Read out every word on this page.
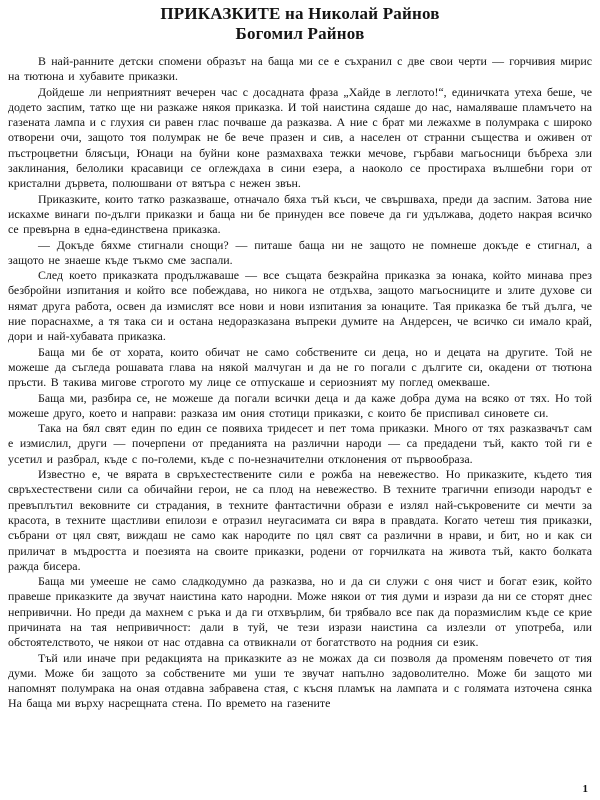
ПРИКАЗКИТЕ на Николай Райнов
Богомил Райнов

В най-ранните детски спомени образът на баща ми се е съхранил с две свои черти — горчивия мирис на тютюна и хубавите приказки.

Дойдеше ли неприятният вечерен час с досадната фраза „Хайде в леглото!“, единичката утеха беше, че додето заспим, татко ще ни разкаже някоя приказка. И той наистина сядаше до нас, намаляваше пламъчето на газената лампа и с глухия си равен глас почваше да разказва. А ние с брат ми лежахме в полумрака с широко отворени очи, защото тоя полумрак не бе вече празен и сив, а населен от странни същества и оживен от пъстроцветни блясъци, Юнаци на буйни коне размахваха тежки мечове, гърбави магьосници бъбреха зли заклинания, белолики красавици се оглеждаха в сини езера, а наоколо се простираха вълшебни гори от кристални дървета, полюшвани от вятъра с нежен звън.

Приказките, които татко разказваше, отначало бяха тъй къси, че свършваха, преди да заспим. Затова ние искахме винаги по-дълги приказки и баща ни бе принуден все повече да ги удължава, додето накрая всичко се превърна в една-единствена приказка.

— Докъде бяхме стигнали снощи? — питаше баща ни не защото не помнеше докъде е стигнал, а защото не знаеше къде тъкмо сме заспали.

След което приказката продължаваше — все същата безкрайна приказка за юнака, който минава през безбройни изпитания и който все побеждава, но никога не отдъхва, защото магьосниците и злите духове си нямат друга работа, освен да измислят все нови и нови изпитания за юнаците. Тая приказка бе тъй дълга, че ние пораснахме, а тя така си и остана недоразказана въпреки думите на Андерсен, че всичко си имало край, дори и най-хубавата приказка.

Баща ми бе от хората, които обичат не само собствените си деца, но и децата на другите. Той не можеше да съгледа рошавата глава на някой малчуган и да не го погали с дългите си, окадени от тютюна пръсти. В такива мигове строгото му лице се отпускаше и сериозният му поглед омекваше.

Баща ми, разбира се, не можеше да погали всички деца и да каже добра дума на всяко от тях. Но той можеше друго, което и направи: разказа им ония стотици приказки, с които бе приспивал синовете си.

Така на бял свят един по един се появиха тридесет и пет тома приказки. Много от тях разказвачът сам е измислил, други — почерпени от преданията на различни народи — са предадени тъй, както той ги е усетил и разбрал, къде с по-големи, къде с по-незначителни отклонения от първообраза.

Известно е, че вярата в свръхестествените сили е рожба на невежество. Но приказките, където тия свръхестествени сили са обичайни герои, не са плод на невежество. В техните трагични епизоди народът е превъплътил вековните си страдания, в техните фантастични образи е излял най-съкровените си мечти за красота, в техните щастливи епилози е отразил неугасимата си вяра в правдата. Когато четеш тия приказки, събрани от цял свят, виждаш не само как народите по цял свят са различни в нрави, и бит, но и как си приличат в мъдростта и поезията на своите приказки, родени от горчилката на живота тъй, както болката ражда бисера.

Баща ми умееше не само сладкодумно да разказва, но и да си служи с оня чист и богат език, който правеше приказките да звучат наистина като народни. Може някои от тия думи и изрази да ни се сторят днес непривични. Но преди да махнем с ръка и да ги отхвърлим, би трябвало все пак да поразмислим къде се крие причината на тая непривичност: дали в туй, че тези изрази наистина са излезли от употреба, или обстоятелството, че някои от нас отдавна са отвикнали от богатството на родния си език.

Тъй или иначе при редакцията на приказките аз не можах да си позволя да променям повечето от тия думи. Може би защото за собствените ми уши те звучат напълно задоволително. Може би защото ми напомнят полумрака на оная отдавна забравена стая, с късня пламък на лампата и с голямата източена сянка На баща ми върху насрещната стена. По времето на газените

1
